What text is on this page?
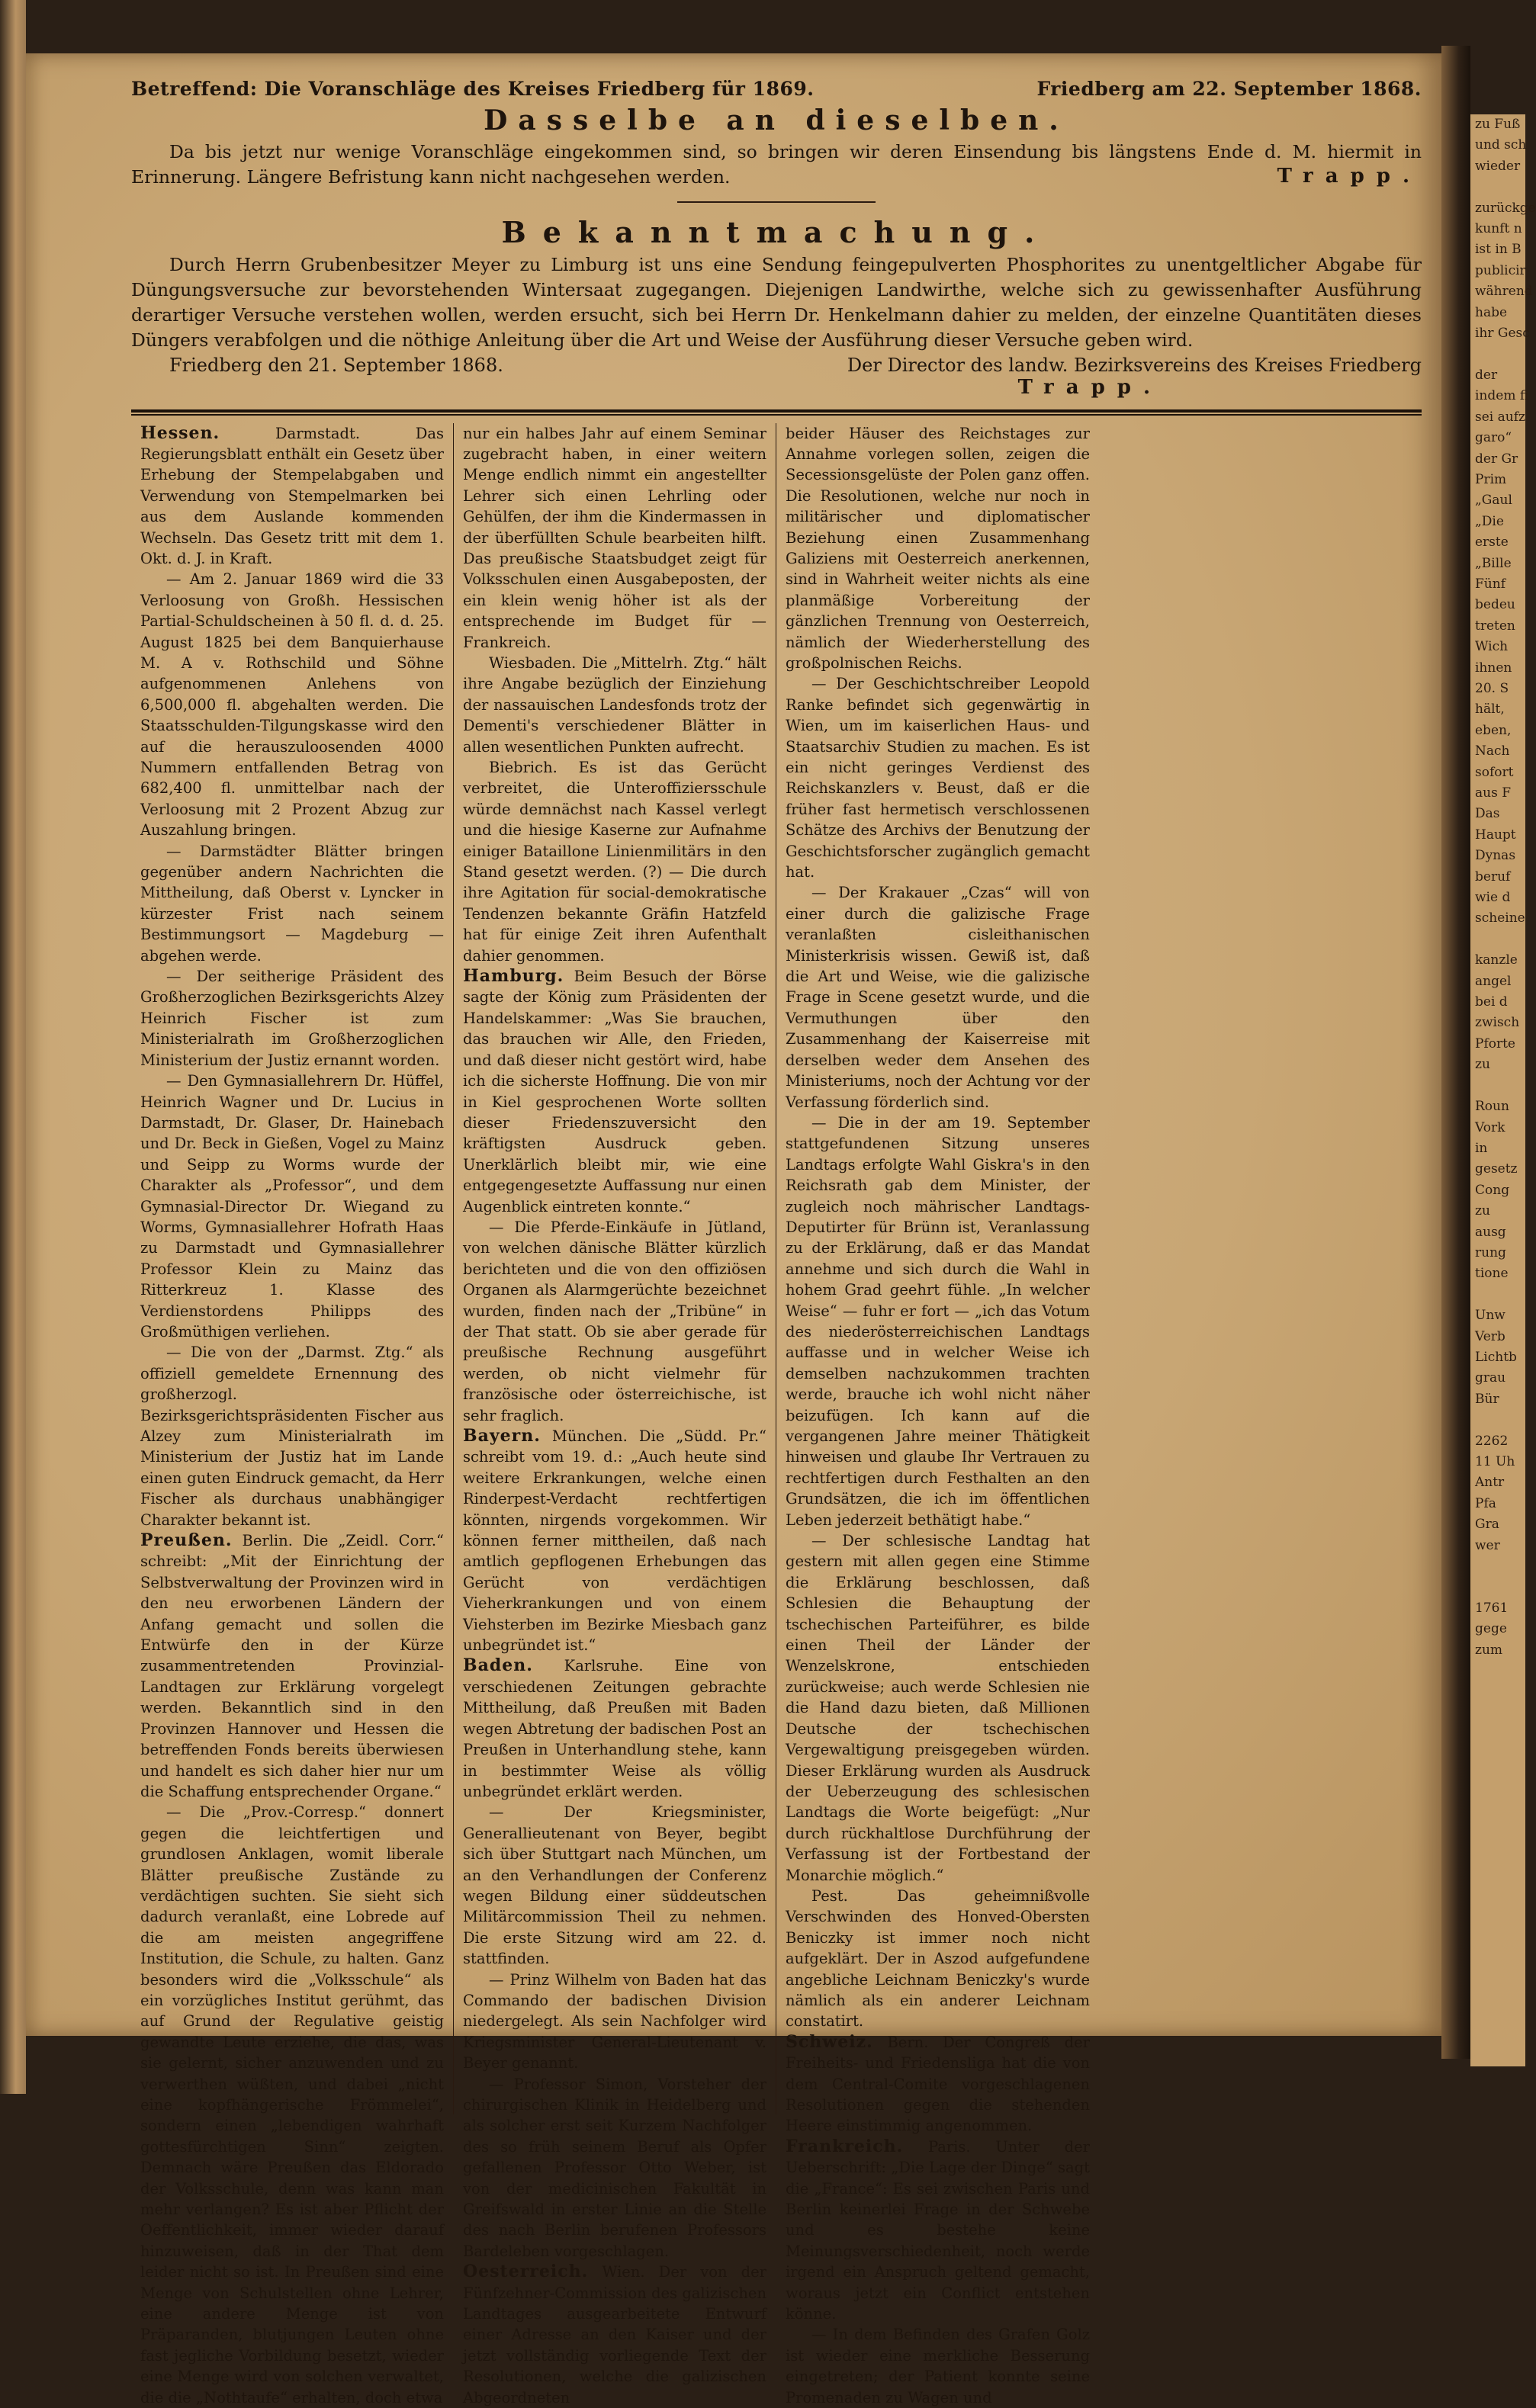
Betreffend: Die Voranschläge des Kreises Friedberg für 1869.	Friedberg am 22. September 1868.
Dasselbe an dieselben.
Da bis jetzt nur wenige Voranschläge eingekommen sind, so bringen wir deren Einsendung bis längstens Ende d. M. hiermit in Erinnerung. Längere Befristung kann nicht nachgesehen werden.	Trapp.
Bekanntmachung.
Durch Herrn Grubenbesitzer Meyer zu Limburg ist uns eine Sendung feingepulverten Phosphorites zu unentgeltlicher Abgabe für Düngungsversuche zur bevorstehenden Wintersaat zugegangen. Diejenigen Landwirthe, welche sich zu gewissenhafter Ausführung derartiger Versuche verstehen wollen, werden ersucht, sich bei Herrn Dr. Henkelmann dahier zu melden, der einzelne Quantitäten dieses Düngers verabfolgen und die nöthige Anleitung über die Art und Weise der Ausführung dieser Versuche geben wird.
Friedberg den 21. September 1868.	Der Director des landw. Bezirksvereins des Kreises Friedberg
Trapp.

Hessen.	Darmstadt. Das Regierungsblatt enthält ein Gesetz über Erhebung der Stempelabgaben und Verwendung von Stempelmarken bei aus dem Auslande kommenden Wechseln. Das Gesetz tritt mit dem 1. Okt. d. J. in Kraft.

— Am 2. Januar 1869 wird die 33 Verloosung von Großh. Hessischen Partial-Schuldscheinen à 50 fl. d. d. 25. August 1825 bei dem Banquierhause M. A v. Rothschild und Söhne aufgenommenen Anlehens von 6,500,000 fl. abgehalten werden. Die Staatsschulden-Tilgungskasse wird den auf die herauszuloosenden 4000 Nummern entfallenden Betrag von 682,400 fl. unmittelbar nach der Verloosung mit 2 Prozent Abzug zur Auszahlung bringen.

— Darmstädter Blätter bringen gegenüber andern Nachrichten die Mittheilung, daß Oberst v. Lyncker in kürzester Frist nach seinem Bestimmungsort — Magdeburg — abgehen werde.

— Der seitherige Präsident des Großherzoglichen Bezirksgerichts Alzey Heinrich Fischer ist zum Ministerialrath im Großherzoglichen Ministerium der Justiz ernannt worden.

— Den Gymnasiallehrern Dr. Hüffel, Heinrich Wagner und Dr. Lucius in Darmstadt, Dr. Glaser, Dr. Hainebach und Dr. Beck in Gießen, Vogel zu Mainz und Seipp zu Worms wurde der Charakter als „Professor“, und dem Gymnasial-Director Dr. Wiegand zu Worms, Gymnasiallehrer Hofrath Haas zu Darmstadt und Gymnasiallehrer Professor Klein zu Mainz das Ritterkreuz 1. Klasse des Verdienstordens Philipps des Großmüthigen verliehen.

— Die von der „Darmst. Ztg.“ als offiziell gemeldete Ernennung des großherzogl. Bezirksgerichtspräsidenten Fischer aus Alzey zum Ministerialrath im Ministerium der Justiz hat im Lande einen guten Eindruck gemacht, da Herr Fischer als durchaus unabhängiger Charakter bekannt ist.

Preußen. Berlin. Die „Zeidl. Corr.“ schreibt: „Mit der Einrichtung der Selbstverwaltung der Provinzen wird in den neu erworbenen Ländern der Anfang gemacht und sollen die Entwürfe den in der Kürze zusammentretenden Provinzial-Landtagen zur Erklärung vorgelegt werden. Bekanntlich sind in den Provinzen Hannover und Hessen die betreffenden Fonds bereits überwiesen und handelt es sich daher hier nur um die Schaffung entsprechender Organe.“

— Die „Prov.-Corresp.“ donnert gegen die leichtfertigen und grundlosen Anklagen, womit liberale Blätter preußische Zustände zu verdächtigen suchten. Sie sieht sich dadurch veranlaßt, eine Lobrede auf die am meisten angegriffene Institution, die Schule, zu halten. Ganz besonders wird die „Volksschule“ als ein vorzügliches Institut gerühmt, das auf Grund der Regulative geistig gewandte Leute erziehe, die das, was sie gelernt, sicher anzuwenden und zu verwerthen wüßten, und dabei „nicht eine kopfhängerische Frömmelei“, sondern einen „lebendigen wahrhaft gottesfürchtigen Sinn“ zeigten. Demnach wäre Preußen das Eldorado der Volksschule, denn was kann man mehr verlangen? Es ist aber Pflicht der Oeffentlichkeit, immer wieder darauf hinzuweisen, daß in der That dem leider nicht so ist. In Preußen sind eine Menge von Schulstellen ohne Lehrer, eine andere Menge ist von Präparanden, blutjungen Leuten ohne fast jegliche Vorbildung besetzt, wieder eine Menge wird von solchen verwaltet, die die „Nothtaufe“ erhalten, doch etwa

nur ein halbes Jahr auf einem Seminar zugebracht haben, in einer weitern Menge endlich nimmt ein angestellter Lehrer sich einen Lehrling oder Gehülfen, der ihm die Kindermassen in der überfüllten Schule bearbeiten hilft. Das preußische Staatsbudget zeigt für Volksschulen einen Ausgabeposten, der ein klein wenig höher ist als der entsprechende im Budget für — Frankreich.

Wiesbaden. Die „Mittelrh. Ztg.“ hält ihre Angabe bezüglich der Einziehung der nassauischen Landesfonds trotz der Dementi's verschiedener Blätter in allen wesentlichen Punkten aufrecht.

Biebrich. Es ist das Gerücht verbreitet, die Unteroffiziersschule würde demnächst nach Kassel verlegt und die hiesige Kaserne zur Aufnahme einiger Bataillone Linienmilitärs in den Stand gesetzt werden. (?) — Die durch ihre Agitation für social-demokratische Tendenzen bekannte Gräfin Hatzfeld hat für einige Zeit ihren Aufenthalt dahier genommen.

Hamburg. Beim Besuch der Börse sagte der König zum Präsidenten der Handelskammer: „Was Sie brauchen, das brauchen wir Alle, den Frieden, und daß dieser nicht gestört wird, habe ich die sicherste Hoffnung. Die von mir in Kiel gesprochenen Worte sollten dieser Friedenszuversicht den kräftigsten Ausdruck geben. Unerklärlich bleibt mir, wie eine entgegengesetzte Auffassung nur einen Augenblick eintreten konnte.“

— Die Pferde-Einkäufe in Jütland, von welchen dänische Blätter kürzlich berichteten und die von den offiziösen Organen als Alarmgerüchte bezeichnet wurden, finden nach der „Tribüne“ in der That statt. Ob sie aber gerade für preußische Rechnung ausgeführt werden, ob nicht vielmehr für französische oder österreichische, ist sehr fraglich.

Bayern. München. Die „Südd. Pr.“ schreibt vom 19. d.: „Auch heute sind weitere Erkrankungen, welche einen Rinderpest-Verdacht rechtfertigen könnten, nirgends vorgekommen. Wir können ferner mittheilen, daß nach amtlich gepflogenen Erhebungen das Gerücht von verdächtigen Vieherkrankungen und von einem Viehsterben im Bezirke Miesbach ganz unbegründet ist.“

Baden. Karlsruhe. Eine von verschiedenen Zeitungen gebrachte Mittheilung, daß Preußen mit Baden wegen Abtretung der badischen Post an Preußen in Unterhandlung stehe, kann in bestimmter Weise als völlig unbegründet erklärt werden.

— Der Kriegsminister, Generallieutenant von Beyer, begibt sich über Stuttgart nach München, um an den Verhandlungen der Conferenz wegen Bildung einer süddeutschen Militärcommission Theil zu nehmen. Die erste Sitzung wird am 22. d. stattfinden.

— Prinz Wilhelm von Baden hat das Commando der badischen Division niedergelegt. Als sein Nachfolger wird Kriegsminister General-Lieutenant v. Beyer genannt.

— Professor Simon, Vorsteher der chirurgischen Klinik in Heidelberg und als solcher erst seit Kurzem Nachfolger des so früh seinem Beruf als Opfer gefallenen Professor Otto Weber, ist von der medicinischen Fakultät in Greifswald in erster Linie an die Stelle des nach Berlin berufenen Professors Bardeleben vorgeschlagen.

Oesterreich. Wien. Der von der Fünfzehner-Commission des galizischen Landtages ausgearbeitete Entwurf einer Adresse an den Kaiser und der jetzt vollständig vorliegende Text der Resolutionen, welche die galizischen Abgeordneten

beider Häuser des Reichstages zur Annahme vorlegen sollen, zeigen die Secessionsgelüste der Polen ganz offen. Die Resolutionen, welche nur noch in militärischer und diplomatischer Beziehung einen Zusammenhang Galiziens mit Oesterreich anerkennen, sind in Wahrheit weiter nichts als eine planmäßige Vorbereitung der gänzlichen Trennung von Oesterreich, nämlich der Wiederherstellung des großpolnischen Reichs.

— Der Geschichtschreiber Leopold Ranke befindet sich gegenwärtig in Wien, um im kaiserlichen Haus- und Staatsarchiv Studien zu machen. Es ist ein nicht geringes Verdienst des Reichskanzlers v. Beust, daß er die früher fast hermetisch verschlossenen Schätze des Archivs der Benutzung der Geschichtsforscher zugänglich gemacht hat.

— Der Krakauer „Czas“ will von einer durch die galizische Frage veranlaßten cisleithanischen Ministerkrisis wissen. Gewiß ist, daß die Art und Weise, wie die galizische Frage in Scene gesetzt wurde, und die Vermuthungen über den Zusammenhang der Kaiserreise mit derselben weder dem Ansehen des Ministeriums, noch der Achtung vor der Verfassung förderlich sind.

— Die in der am 19. September stattgefundenen Sitzung unseres Landtags erfolgte Wahl Giskra's in den Reichsrath gab dem Minister, der zugleich noch mährischer Landtags-Deputirter für Brünn ist, Veranlassung zu der Erklärung, daß er das Mandat annehme und sich durch die Wahl in hohem Grad geehrt fühle. „In welcher Weise“ — fuhr er fort — „ich das Votum des niederösterreichischen Landtags auffasse und in welcher Weise ich demselben nachzukommen trachten werde, brauche ich wohl nicht näher beizufügen. Ich kann auf die vergangenen Jahre meiner Thätigkeit hinweisen und glaube Ihr Vertrauen zu rechtfertigen durch Festhalten an den Grundsätzen, die ich im öffentlichen Leben jederzeit bethätigt habe.“

— Der schlesische Landtag hat gestern mit allen gegen eine Stimme die Erklärung beschlossen, daß Schlesien die Behauptung der tschechischen Parteiführer, es bilde einen Theil der Länder der Wenzelskrone, entschieden zurückweise; auch werde Schlesien nie die Hand dazu bieten, daß Millionen Deutsche der tschechischen Vergewaltigung preisgegeben würden. Dieser Erklärung wurden als Ausdruck der Ueberzeugung des schlesischen Landtags die Worte beigefügt: „Nur durch rückhaltlose Durchführung der Verfassung ist der Fortbestand der Monarchie möglich.“

Pest. Das geheimnißvolle Verschwinden des Honved-Obersten Beniczky ist immer noch nicht aufgeklärt. Der in Aszod aufgefundene angebliche Leichnam Beniczky's wurde nämlich als ein anderer Leichnam constatirt.

Schweiz. Bern. Der Congreß der Freiheits- und Friedensliga hat die von dem Central-Comite vorgeschlagenen Resolutionen gegen die stehenden Heere einstimmig angenommen.

Frankreich. Paris. Unter der Ueberschrift: „Die Lage der Dinge“ sagt die „France“: Es sei zwischen Paris und Berlin keinerlei Frage in der Schwebe und es bestehe keine Meinungsverschiedenheit, noch werde irgend ein Anspruch geltend gemacht, woraus jetzt ein Conflict entstehen könne.

— In dem Befinden des Grafen Golz ist wieder eine merkliche Besserung eingetreten; der Patient konnte seine Promenaden zu Wagen und

zu Fuß
und sch
wieder

zurückge
kunft n
ist in B
publicir
während
habe
ihr Gesc

der
indem fi
sei aufz
garo“
der Gr
Prim
„Gaul
„Die
erste
„Bille
Fünf
bedeu
treten
Wich
ihnen
20. S
hält,
eben,
Nach
sofort
aus F
Das
Haupt
Dynas
beruf
wie d
scheine

kanzle
angel
bei d
zwisch
Pforte
zu

Roun
Vork
in
gesetz
Cong
zu
ausg
rung
tione

Unw
Verb
Lichtb
grau
Bür

2262
11 Uh
Antr
Pfa
Gra
wer

1761
gege
zum
